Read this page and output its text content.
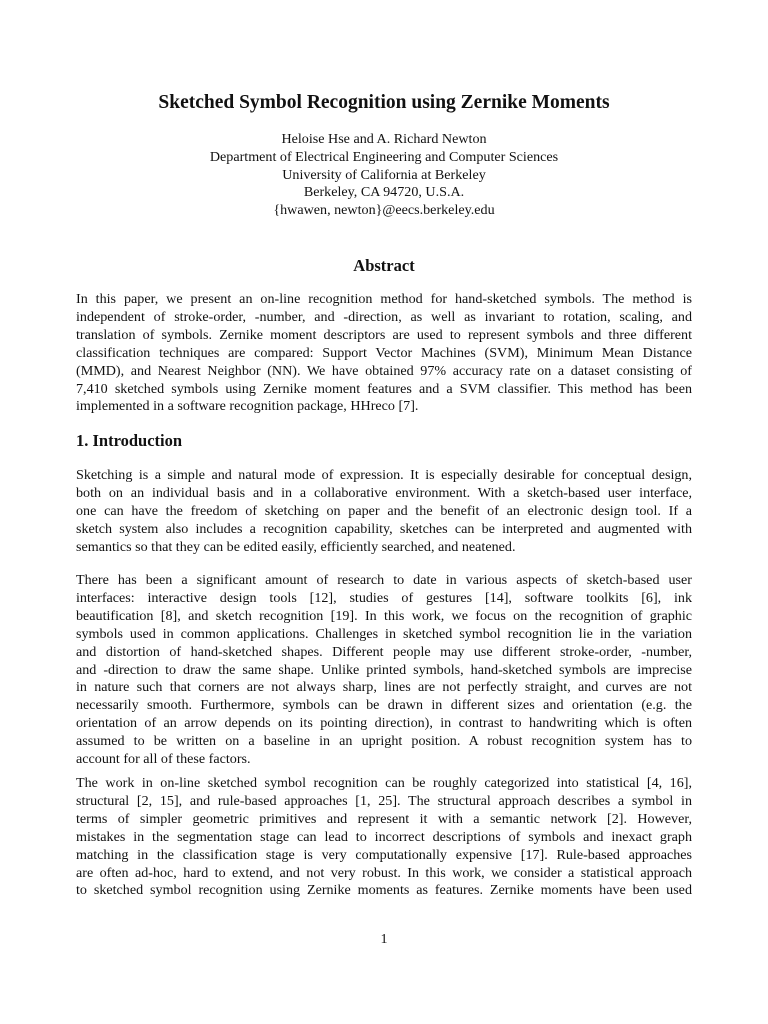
Sketched Symbol Recognition using Zernike Moments
Heloise Hse and A. Richard Newton
Department of Electrical Engineering and Computer Sciences
University of California at Berkeley
Berkeley, CA 94720, U.S.A.
{hwawen, newton}@eecs.berkeley.edu
Abstract
In this paper, we present an on-line recognition method for hand-sketched symbols. The method is
independent of stroke-order, -number, and -direction, as well as invariant to rotation, scaling, and
translation of symbols. Zernike moment descriptors are used to represent symbols and three different
classification techniques are compared: Support Vector Machines (SVM), Minimum Mean Distance
(MMD), and Nearest Neighbor (NN). We have obtained 97% accuracy rate on a dataset consisting of
7,410 sketched symbols using Zernike moment features and a SVM classifier. This method has been
implemented in a software recognition package, HHreco [7].
1. Introduction
Sketching is a simple and natural mode of expression. It is especially desirable for conceptual design,
both on an individual basis and in a collaborative environment. With a sketch-based user interface,
one can have the freedom of sketching on paper and the benefit of an electronic design tool. If a
sketch system also includes a recognition capability, sketches can be interpreted and augmented with
semantics so that they can be edited easily, efficiently searched, and neatened.
There has been a significant amount of research to date in various aspects of sketch-based user
interfaces: interactive design tools [12], studies of gestures [14], software toolkits [6], ink
beautification [8], and sketch recognition [19]. In this work, we focus on the recognition of graphic
symbols used in common applications. Challenges in sketched symbol recognition lie in the variation
and distortion of hand-sketched shapes. Different people may use different stroke-order, -number,
and -direction to draw the same shape. Unlike printed symbols, hand-sketched symbols are imprecise
in nature such that corners are not always sharp, lines are not perfectly straight, and curves are not
necessarily smooth. Furthermore, symbols can be drawn in different sizes and orientation (e.g. the
orientation of an arrow depends on its pointing direction), in contrast to handwriting which is often
assumed to be written on a baseline in an upright position. A robust recognition system has to
account for all of these factors.
The work in on-line sketched symbol recognition can be roughly categorized into statistical [4, 16],
structural [2, 15], and rule-based approaches [1, 25]. The structural approach describes a symbol in
terms of simpler geometric primitives and represent it with a semantic network [2]. However,
mistakes in the segmentation stage can lead to incorrect descriptions of symbols and inexact graph
matching in the classification stage is very computationally expensive [17]. Rule-based approaches
are often ad-hoc, hard to extend, and not very robust. In this work, we consider a statistical approach
to sketched symbol recognition using Zernike moments as features. Zernike moments have been used
1
